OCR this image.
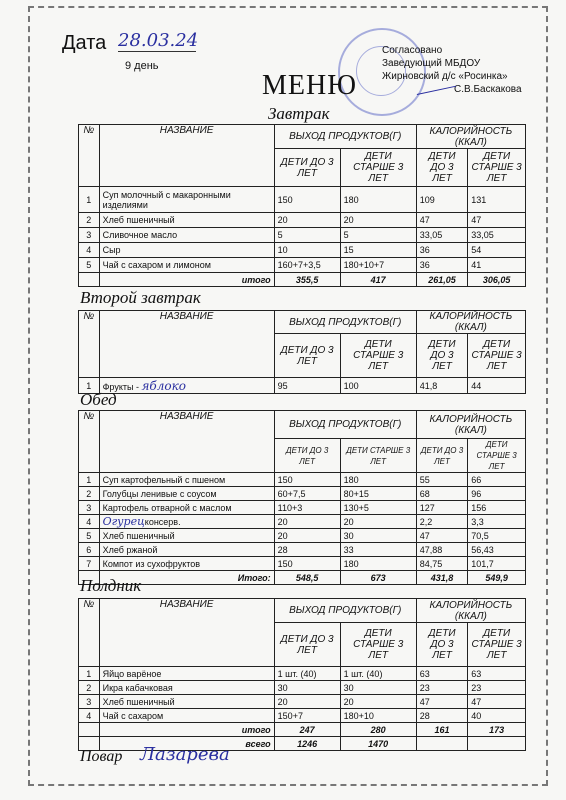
Дата 28.03.24
9 день
МЕНЮ
Согласовано
Заведующий МБДОУ
Жирновский д/с «Росинка»
С.В.Баскакова
Завтрак
№	НАЗВАНИЕ	ВЫХОД ПРОДУКТОВ(Г)		КАЛОРИЙНОСТЬ (ККАЛ)	
		ДЕТИ ДО 3 ЛЕТ	ДЕТИ СТАРШЕ 3 ЛЕТ	ДЕТИ ДО 3 ЛЕТ	ДЕТИ СТАРШЕ 3 ЛЕТ
1	Суп молочный с макаронными изделиями	150	180	109	131
2	Хлеб пшеничный	20	20	47	47
3	Сливочное масло	5	5	33,05	33,05
4	Сыр	10	15	36	54
5	Чай с сахаром и лимоном	160+7+3,5	180+10+7	36	41
	итого	355,5	417	261,05	306,05
Второй завтрак
№	НАЗВАНИЕ	ВЫХОД ПРОДУКТОВ(Г)		КАЛОРИЙНОСТЬ (ККАЛ)	
		ДЕТИ ДО 3 ЛЕТ	ДЕТИ СТАРШЕ 3 ЛЕТ	ДЕТИ ДО 3 ЛЕТ	ДЕТИ СТАРШЕ 3 ЛЕТ
1	Фрукты - яблоко	95	100	41,8	44
Обед
№	НАЗВАНИЕ	ВЫХОД ПРОДУКТОВ(Г)		КАЛОРИЙНОСТЬ (ККАЛ)	
		ДЕТИ ДО 3 ЛЕТ	ДЕТИ СТАРШЕ 3 ЛЕТ	ДЕТИ ДО 3 ЛЕТ	ДЕТИ СТАРШЕ 3 ЛЕТ
1	Суп картофельный с пшеном	150	180	55	66
2	Голубцы ленивые с соусом	60+7,5	80+15	68	96
3	Картофель отварной с маслом	110+3	130+5	127	156
4	Огурецконсерв.	20	20	2,2	3,3
5	Хлеб пшеничный	20	30	47	70,5
6	Хлеб ржаной	28	33	47,88	56,43
7	Компот из сухофруктов	150	180	84,75	101,7
	Итого:	548,5	673	431,8	549,9
Полдник
№	НАЗВАНИЕ	ВЫХОД ПРОДУКТОВ(Г)		КАЛОРИЙНОСТЬ (ККАЛ)	
		ДЕТИ ДО 3 ЛЕТ	ДЕТИ СТАРШЕ 3 ЛЕТ	ДЕТИ ДО 3 ЛЕТ	ДЕТИ СТАРШЕ 3 ЛЕТ
1	Яйцо варёное	1 шт. (40)	1 шт. (40)	63	63
2	Икра кабачковая	30	30	23	23
3	Хлеб пшеничный	20	20	47	47
4	Чай с сахаром	150+7	180+10	28	40
	итого	247	280	161	173
	всего	1246	1470		
Повар Лазарева
